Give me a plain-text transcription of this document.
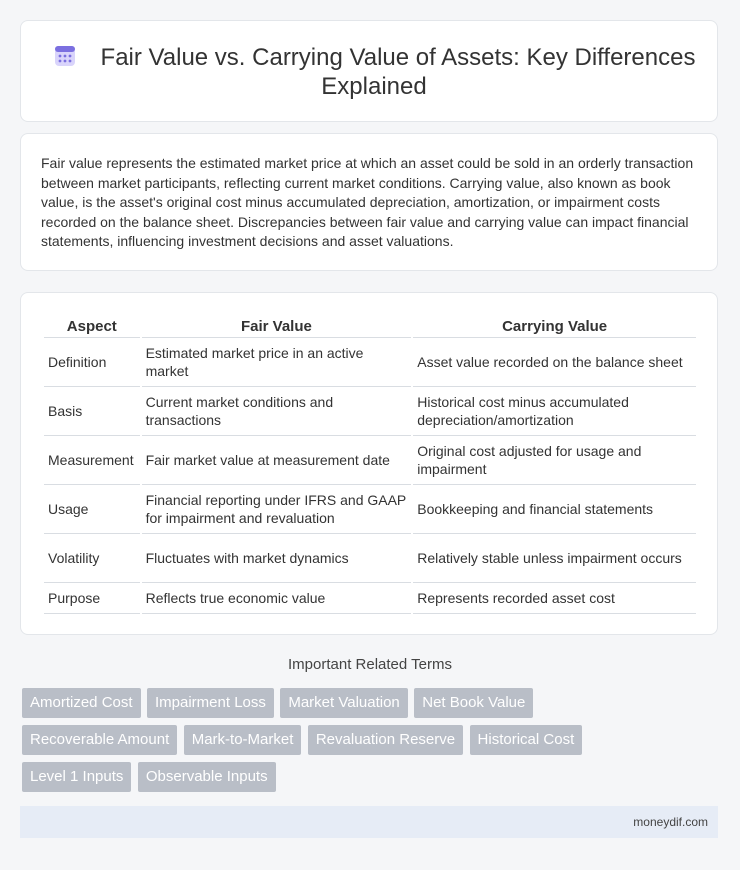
Fair Value vs. Carrying Value of Assets: Key Differences Explained

Fair value represents the estimated market price at which an asset could be sold in an orderly transaction between market participants, reflecting current market conditions. Carrying value, also known as book value, is the asset's original cost minus accumulated depreciation, amortization, or impairment costs recorded on the balance sheet. Discrepancies between fair value and carrying value can impact financial statements, influencing investment decisions and asset valuations.

Aspect	Fair Value	Carrying Value
Definition	Estimated market price in an active market	Asset value recorded on the balance sheet
Basis	Current market conditions and transactions	Historical cost minus accumulated depreciation/amortization
Measurement	Fair market value at measurement date	Original cost adjusted for usage and impairment
Usage	Financial reporting under IFRS and GAAP for impairment and revaluation	Bookkeeping and financial statements
Volatility	Fluctuates with market dynamics	Relatively stable unless impairment occurs
Purpose	Reflects true economic value	Represents recorded asset cost
Important Related Terms
Amortized Cost Impairment Loss Market Valuation Net Book Value Recoverable Amount Mark-to-Market Revaluation Reserve Historical Cost Level 1 Inputs Observable Inputs
moneydif.com
